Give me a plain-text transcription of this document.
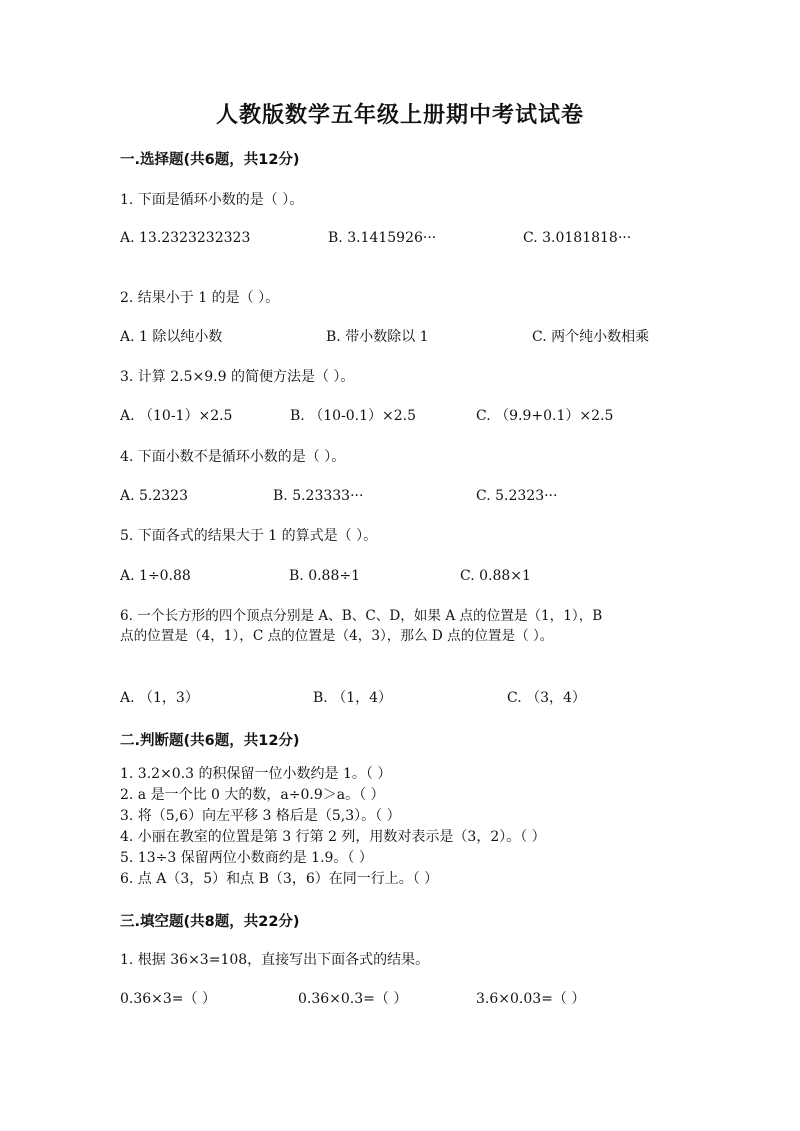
人教版数学五年级上册期中考试试卷
一.选择题(共6题，共12分)
1. 下面是循环小数的是（ ）。
A. 13.2323232323	B. 3.1415926···	C. 3.0181818···
2. 结果小于 1 的是（ ）。
A. 1 除以纯小数	B. 带小数除以 1	C. 两个纯小数相乘
3. 计算 2.5×9.9 的简便方法是（ ）。
A. （10-1）×2.5	B. （10-0.1）×2.5	C. （9.9+0.1）×2.5
4. 下面小数不是循环小数的是（ ）。
A. 5.2323	B. 5.23333···	C. 5.2323···
5. 下面各式的结果大于 1 的算式是（ ）。
A. 1÷0.88	B. 0.88÷1	C. 0.88×1
6. 一个长方形的四个顶点分别是 A、B、C、D，如果 A 点的位置是（1，1），B
点的位置是（4，1），C 点的位置是（4，3），那么 D 点的位置是（ ）。
A. （1，3）	B. （1，4）	C. （3，4）
二.判断题(共6题，共12分)
1. 3.2×0.3 的积保留一位小数约是 1。（ ）
2. a 是一个比 0 大的数，a÷0.9＞a。（ ）
3. 将（5,6）向左平移 3 格后是（5,3）。（ ）
4. 小丽在教室的位置是第 3 行第 2 列，用数对表示是（3，2）。（ ）
5. 13÷3 保留两位小数商约是 1.9。（ ）
6. 点 A（3，5）和点 B（3，6）在同一行上。（ ）
三.填空题(共8题，共22分)
1. 根据 36×3=108，直接写出下面各式的结果。
0.36×3=（ ）	0.36×0.3=（ ）	3.6×0.03=（ ）
